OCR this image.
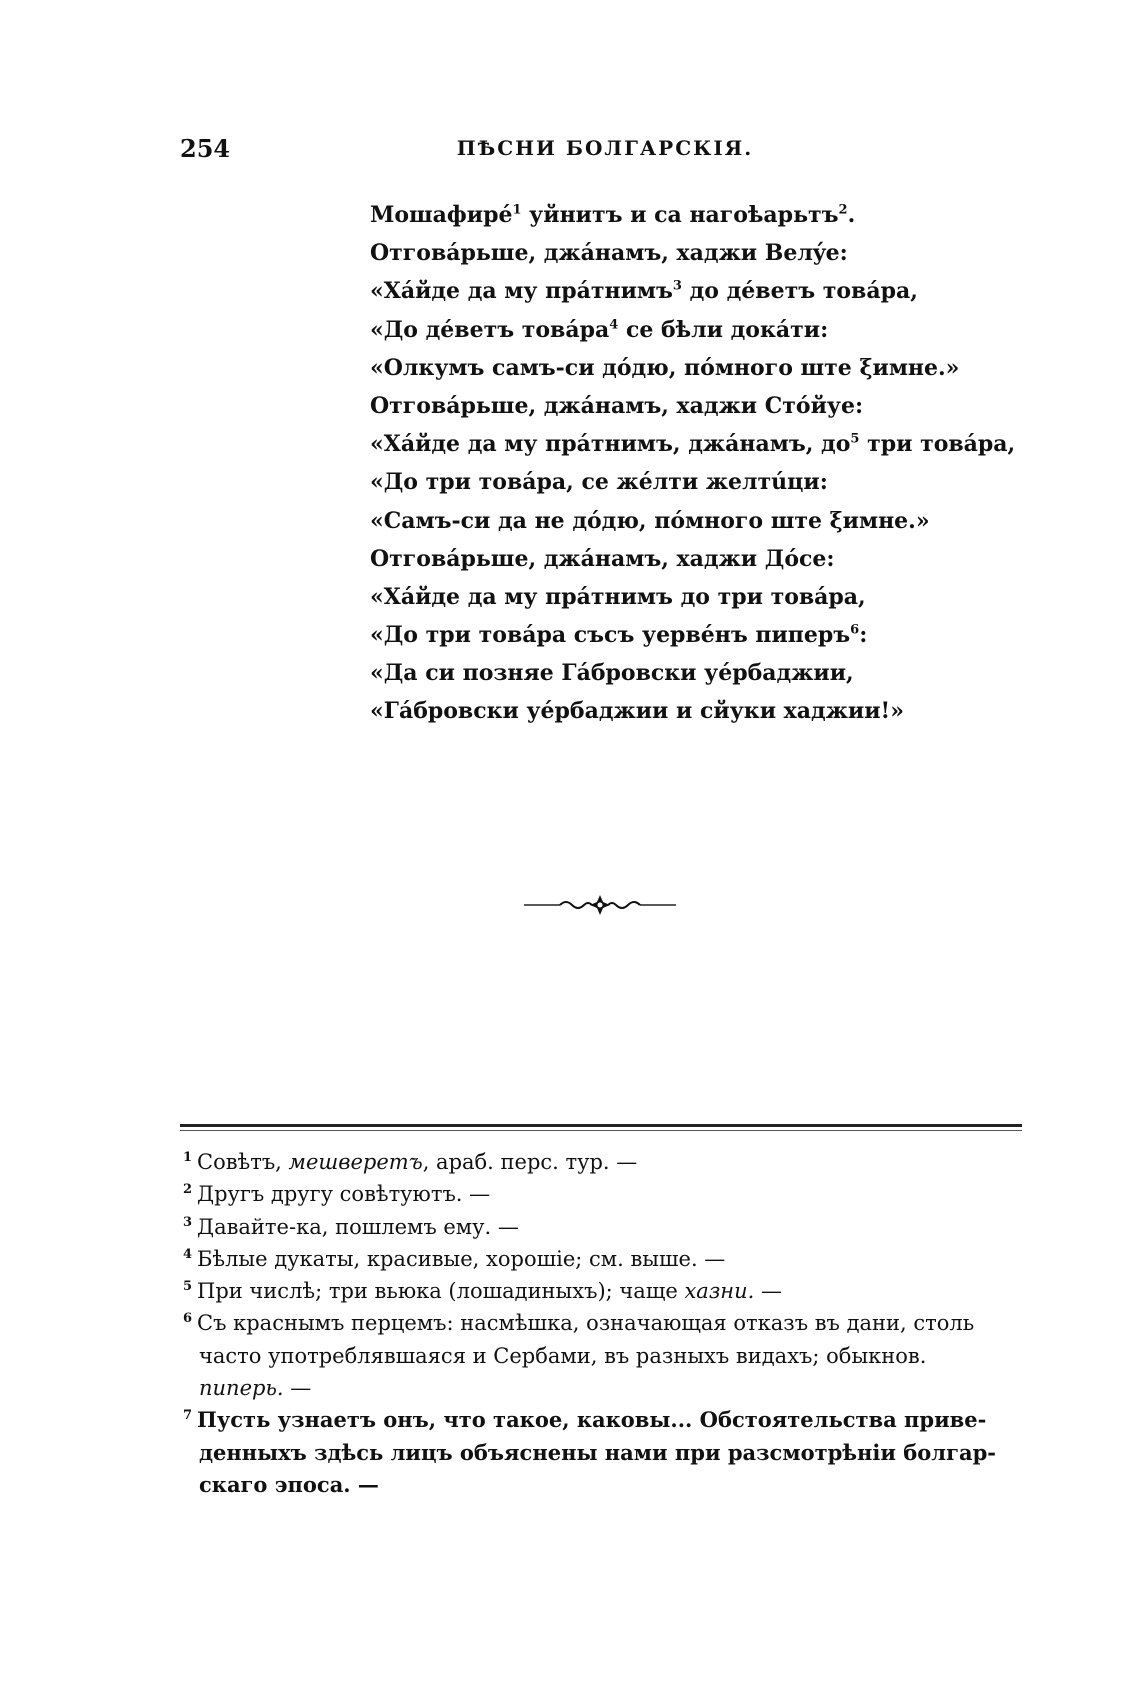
254	ПѢСНИ БОЛГАРСКІЯ.
Мошафирé$^1$ уйнитъ и са нагоѣарьтъ$^2$.
Отговáрьше, джáнамъ, хаджи Велýе:
«Хáйде да му прáтнимъ$^3$ до дéветъ товáра,
«До дéветъ товáра$^4$ се бѣли докáти:
«Олкумъ самъ-си дóдю, пóмного ште ξимне.»
Отговáрьше, джáнамъ, хаджи Стóйуе:
«Хáйде да му прáтнимъ, джáнамъ, $до^5$ три товáра,
«До три товáра, се жéлти желтúци:
«Самъ-си да не дóдю, пóмного ште ξимне.»
Отговáрьше, джáнамъ, хаджи Дóсе:
«Хáйде да му прáтнимъ до три товáра,
«До три товáра съсъ уервéнъ пиперъ$^6$:
«Да си позняе Гáбровски уéрбаджии,
«Гáбровски уéрбаджии и сйуки хаджии!»
1 Совѣтъ, мешверетъ, араб. перс. тур. —
2 Другъ другу совѣтуютъ. —
3 Давайте-ка, пошлемъ ему. —
4 Бѣлые дукаты, красивые, хорошіе; см. выше. —
5 При числѣ; три вьюка (лошадиныхъ); чаще хазни. —
6 Съ краснымъ перцемъ: насмѣшка, означающая отказъ въ дани, столь
часто употреблявшаяся и Сербами, въ разныхъ видахъ; обыкнов.
пиперь. —
7 Пусть узнаетъ онъ, что такое, каковы... Обстоятельства приве-
денныхъ здѣсь лицъ объяснены нами при разсмотрѣніи болгар-
скаго эпоса. —
